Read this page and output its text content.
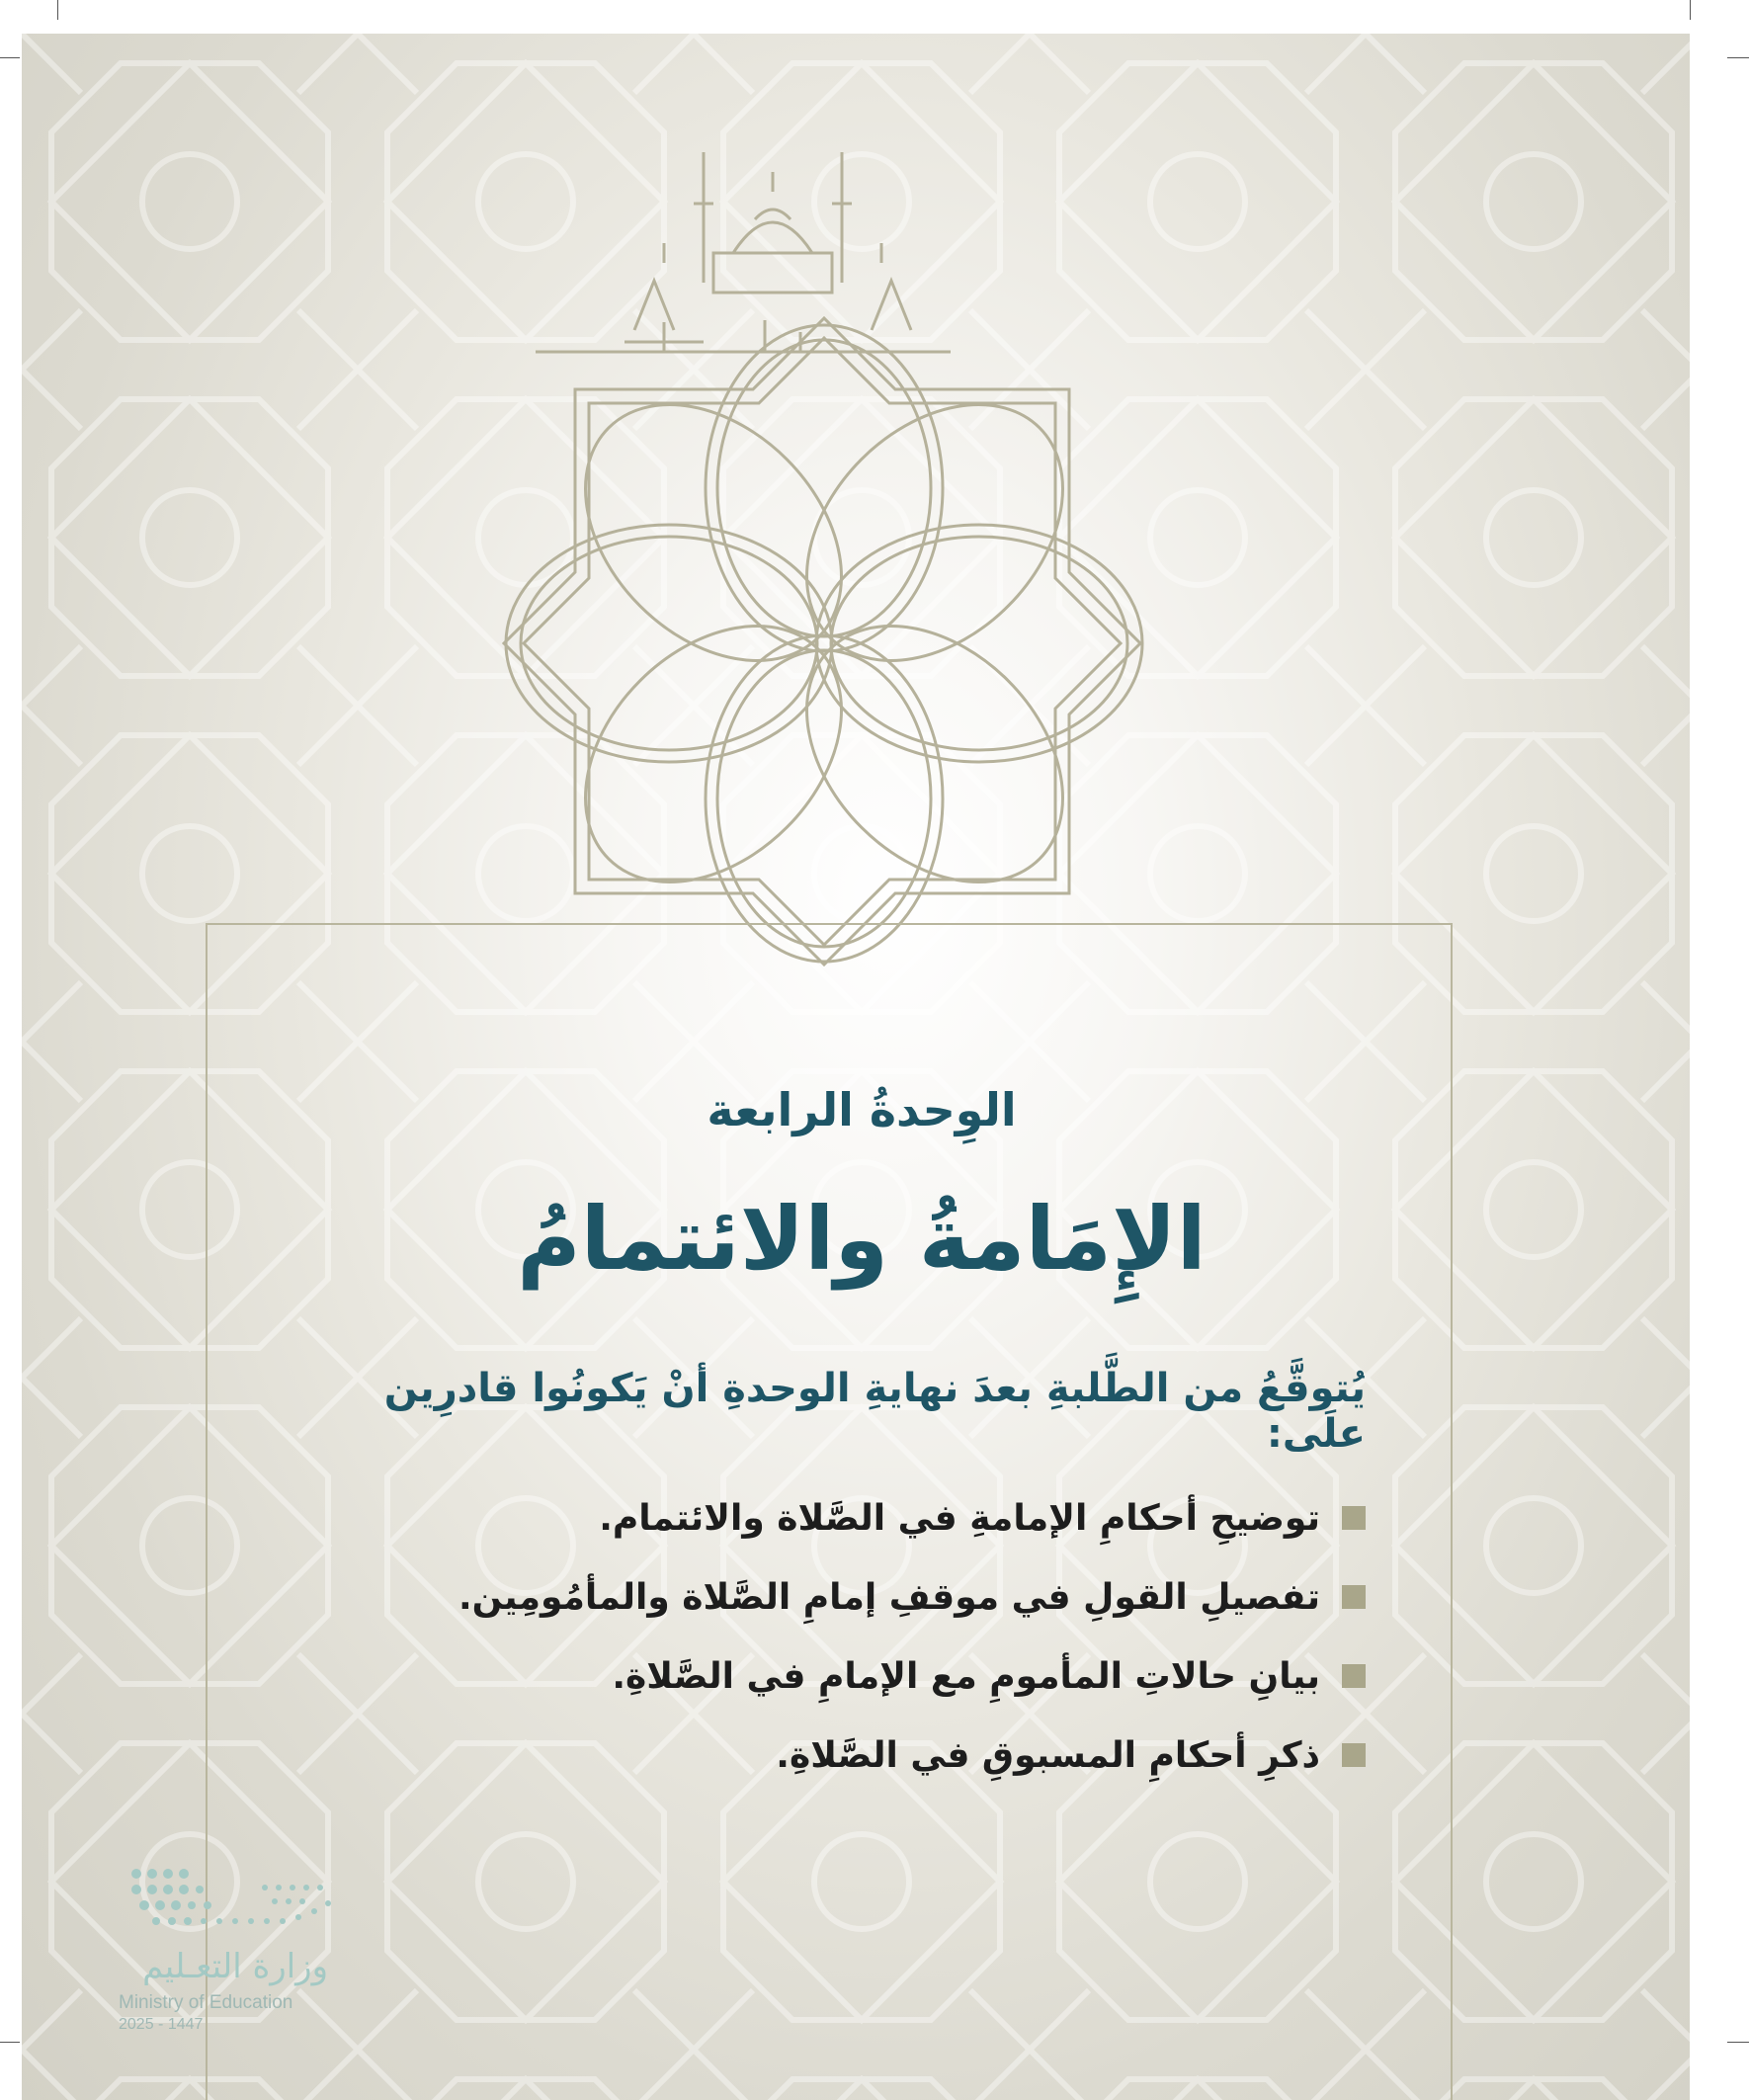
الوِحدةُ الرابعة
الإِمَامةُ والائتمامُ
يُتوقَّعُ من الطَّلبةِ بعدَ نهايةِ الوحدةِ أنْ يَكونُوا قادرِين علَى:
توضيحِ أحكامِ الإمامةِ في الصَّلاة والائتمام.
تفصيلِ القولِ في موقفِ إمامِ الصَّلاة والمأمُومِين.
بيانِ حالاتِ المأمومِ مع الإمامِ في الصَّلاةِ.
ذكرِ أحكامِ المسبوقِ في الصَّلاةِ.
وزارة التعـليم
Ministry of Education
2025 - 1447
